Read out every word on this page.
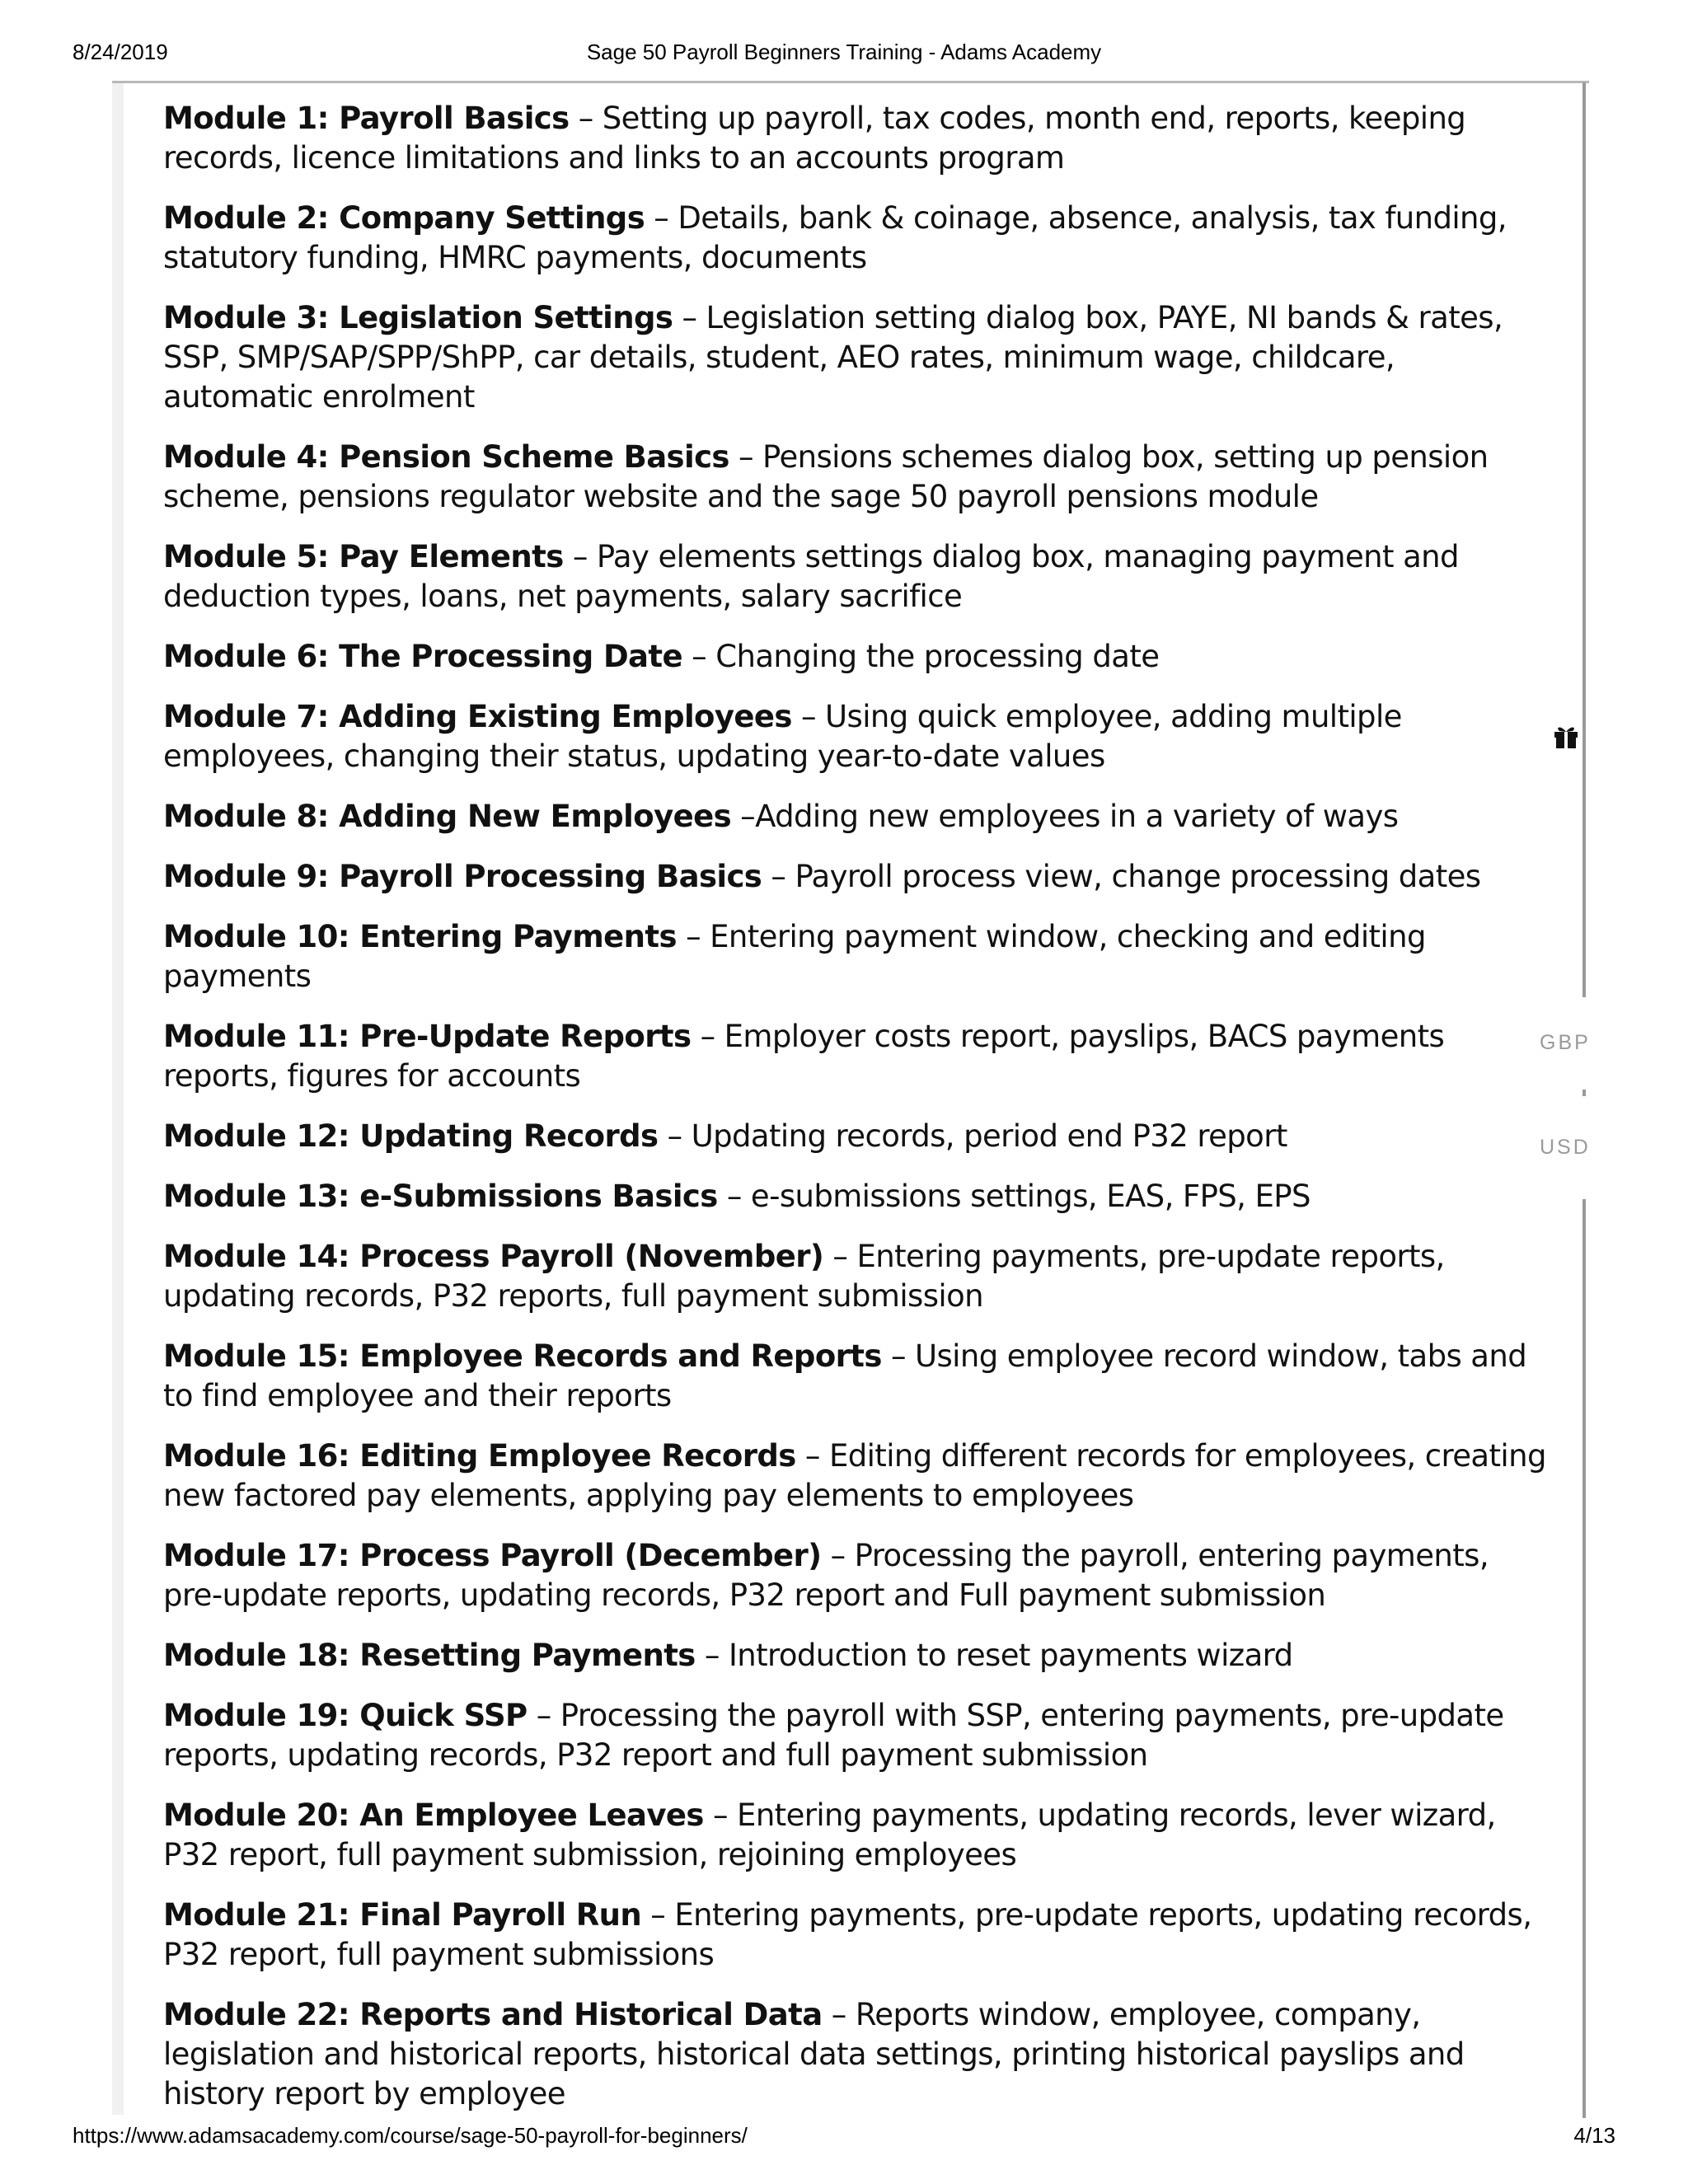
8/24/2019	Sage 50 Payroll Beginners Training - Adams Academy

Module 1: Payroll Basics – Setting up payroll, tax codes, month end, reports, keeping records, licence limitations and links to an accounts program

Module 2: Company Settings – Details, bank & coinage, absence, analysis, tax funding, statutory funding, HMRC payments, documents

Module 3: Legislation Settings – Legislation setting dialog box, PAYE, NI bands & rates, SSP, SMP/SAP/SPP/ShPP, car details, student, AEO rates, minimum wage, childcare, automatic enrolment

Module 4: Pension Scheme Basics – Pensions schemes dialog box, setting up pension scheme, pensions regulator website and the sage 50 payroll pensions module

Module 5: Pay Elements – Pay elements settings dialog box, managing payment and deduction types, loans, net payments, salary sacrifice

Module 6: The Processing Date – Changing the processing date

Module 7: Adding Existing Employees – Using quick employee, adding multiple employees, changing their status, updating year-to-date values

Module 8: Adding New Employees –Adding new employees in a variety of ways

Module 9: Payroll Processing Basics – Payroll process view, change processing dates

Module 10: Entering Payments – Entering payment window, checking and editing payments

Module 11: Pre-Update Reports – Employer costs report, payslips, BACS payments reports, figures for accounts

Module 12: Updating Records – Updating records, period end P32 report

Module 13: e-Submissions Basics – e-submissions settings, EAS, FPS, EPS

Module 14: Process Payroll (November) – Entering payments, pre-update reports, updating records, P32 reports, full payment submission

Module 15: Employee Records and Reports – Using employee record window, tabs and to find employee and their reports

Module 16: Editing Employee Records – Editing different records for employees, creating new factored pay elements, applying pay elements to employees

Module 17: Process Payroll (December) – Processing the payroll, entering payments, pre-update reports, updating records, P32 report and Full payment submission

Module 18: Resetting Payments – Introduction to reset payments wizard

Module 19: Quick SSP – Processing the payroll with SSP, entering payments, pre-update reports, updating records, P32 report and full payment submission

Module 20: An Employee Leaves – Entering payments, updating records, lever wizard, P32 report, full payment submission, rejoining employees

Module 21: Final Payroll Run – Entering payments, pre-update reports, updating records, P32 report, full payment submissions

Module 22: Reports and Historical Data – Reports window, employee, company, legislation and historical reports, historical data settings, printing historical payslips and history report by employee

GBP
USD
https://www.adamsacademy.com/course/sage-50-payroll-for-beginners/	4/13
